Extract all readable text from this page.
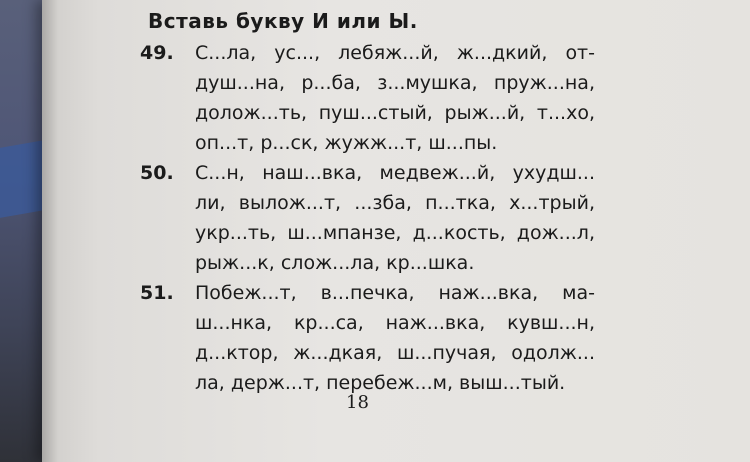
Вставь букву И или Ы.
49.	С...ла, ус..., лебяж...й, ж...дкий, от-
душ...на, р...ба, з...мушка, пруж...на,
долож...ть, пуш...стый, рыж...й, т...хо,
оп...т, р...ск, жужж...т, ш...пы.
50.	С...н, наш...вка, медвеж...й, ухудш...
ли, вылож...т, ...зба, п...тка, х...трый,
укр...ть, ш...мпанзе, д...кость, дож...л,
рыж...к, слож...ла, кр...шка.
51.	Побеж...т, в...печка, наж...вка, ма-
ш...нка, кр...са, наж...вка, кувш...н,
д...ктор, ж...дкая, ш...пучая, одолж...
ла, держ...т, перебеж...м, выш...тый.
18
